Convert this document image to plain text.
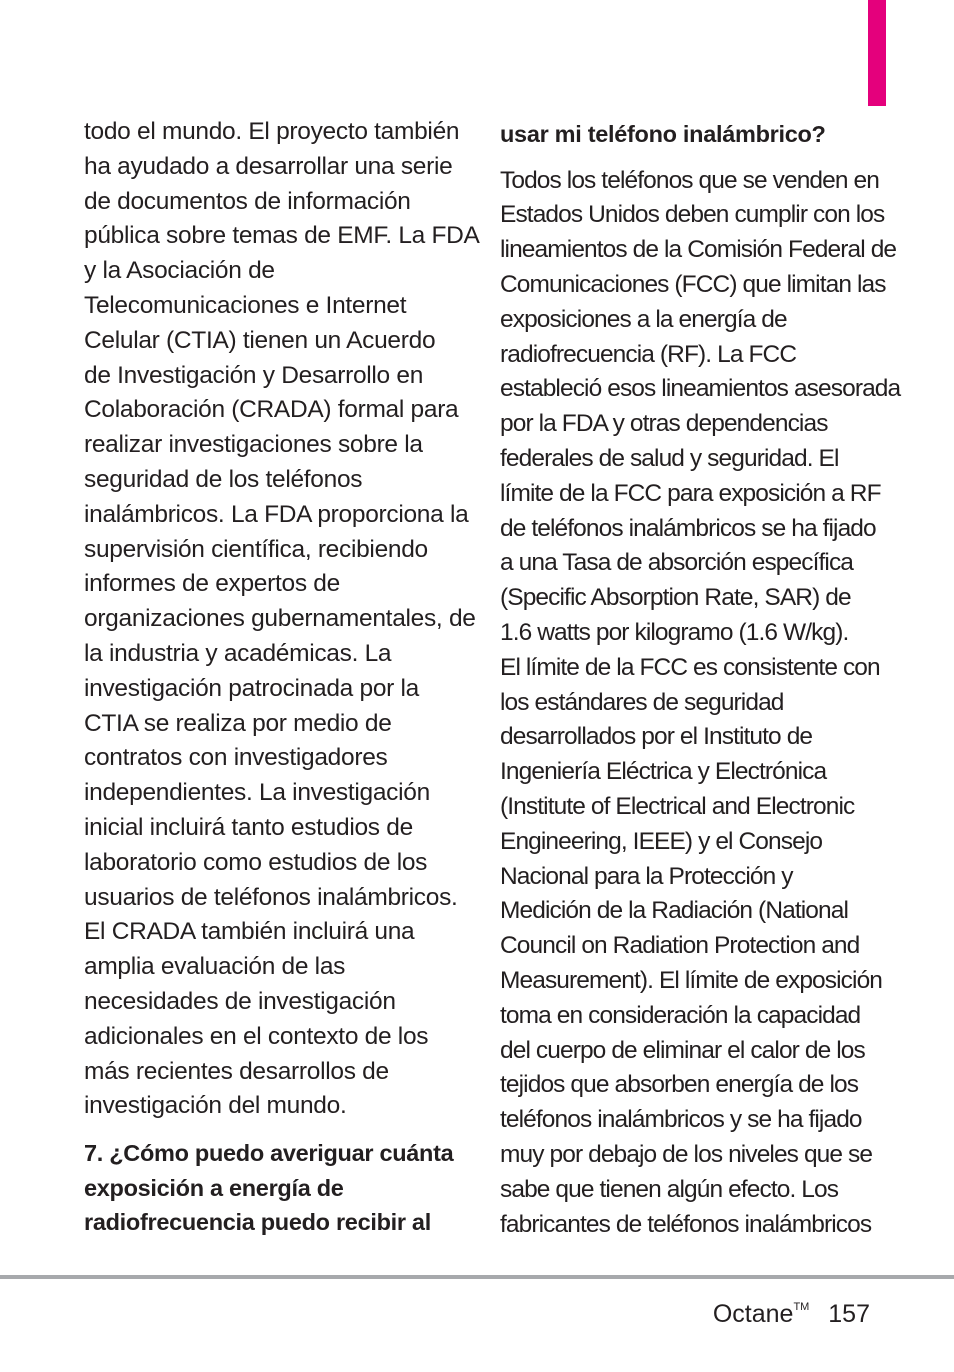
todo el mundo. El proyecto también
ha ayudado a desarrollar una serie
de documentos de información
pública sobre temas de EMF. La FDA
y la Asociación de
Telecomunicaciones e Internet
Celular (CTIA) tienen un Acuerdo
de Investigación y Desarrollo en
Colaboración (CRADA) formal para
realizar investigaciones sobre la
seguridad de los teléfonos
inalámbricos. La FDA proporciona la
supervisión científica, recibiendo
informes de expertos de
organizaciones gubernamentales, de
la industria y académicas. La
investigación patrocinada por la
CTIA se realiza por medio de
contratos con investigadores
independientes. La investigación
inicial incluirá tanto estudios de
laboratorio como estudios de los
usuarios de teléfonos inalámbricos.
El CRADA también incluirá una
amplia evaluación de las
necesidades de investigación
adicionales en el contexto de los
más recientes desarrollos de
investigación del mundo.
7. ¿Cómo puedo averiguar cuánta
exposición a energía de
radiofrecuencia puedo recibir al
usar mi teléfono inalámbrico?
Todos los teléfonos que se venden en
Estados Unidos deben cumplir con los
lineamientos de la Comisión Federal de
Comunicaciones (FCC) que limitan las
exposiciones a la energía de
radiofrecuencia (RF). La FCC
estableció esos lineamientos asesorada
por la FDA y otras dependencias
federales de salud y seguridad. El
límite de la FCC para exposición a RF
de teléfonos inalámbricos se ha fijado
a una Tasa de absorción específica
(Specific Absorption Rate, SAR) de
1.6 watts por kilogramo (1.6 W/kg).
El límite de la FCC es consistente con
los estándares de seguridad
desarrollados por el Instituto de
Ingeniería Eléctrica y Electrónica
(Institute of Electrical and Electronic
Engineering, IEEE) y el Consejo
Nacional para la Protección y
Medición de la Radiación (National
Council on Radiation Protection and
Measurement). El límite de exposición
toma en consideración la capacidad
del cuerpo de eliminar el calor de los
tejidos que absorben energía de los
teléfonos inalámbricos y se ha fijado
muy por debajo de los niveles que se
sabe que tienen algún efecto. Los
fabricantes de teléfonos inalámbricos
Octane™ 157
